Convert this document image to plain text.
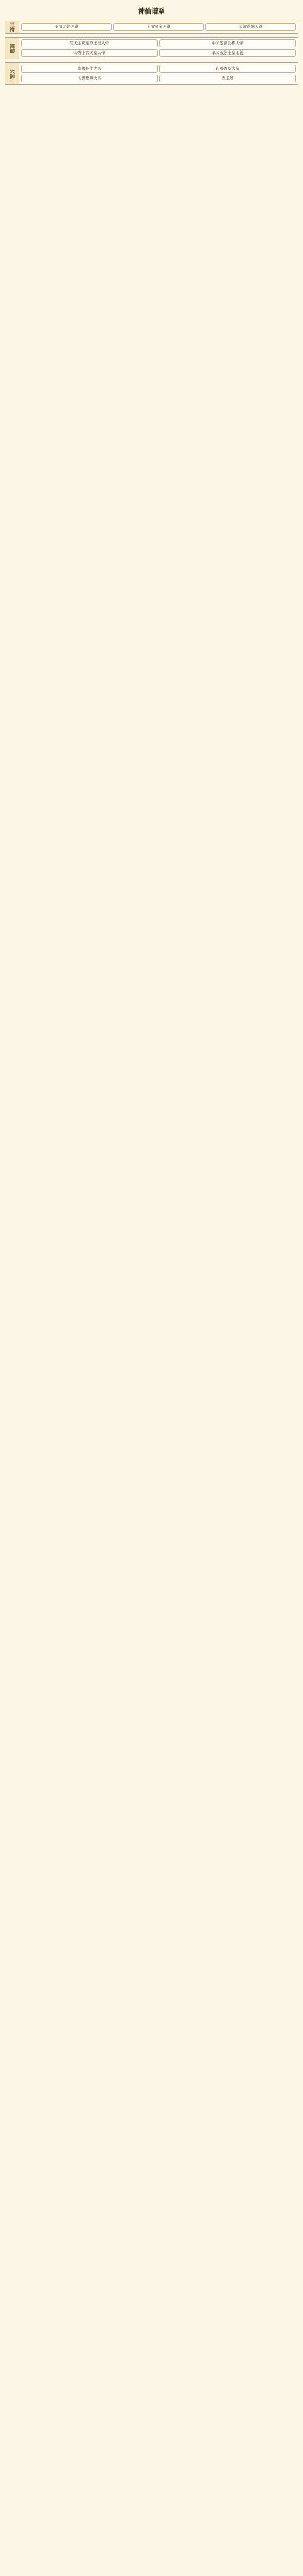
神仙谱系
三清	玉清元始天尊	上清灵宝天尊	太清道德天尊
四御
昊天金阙至尊玉皇大帝	中天紫微北极大帝
勾陈上宫天皇大帝	承天效法土皇地祇
六御
南极长生大帝	东极青华大帝
北极紫微大帝	西王母
